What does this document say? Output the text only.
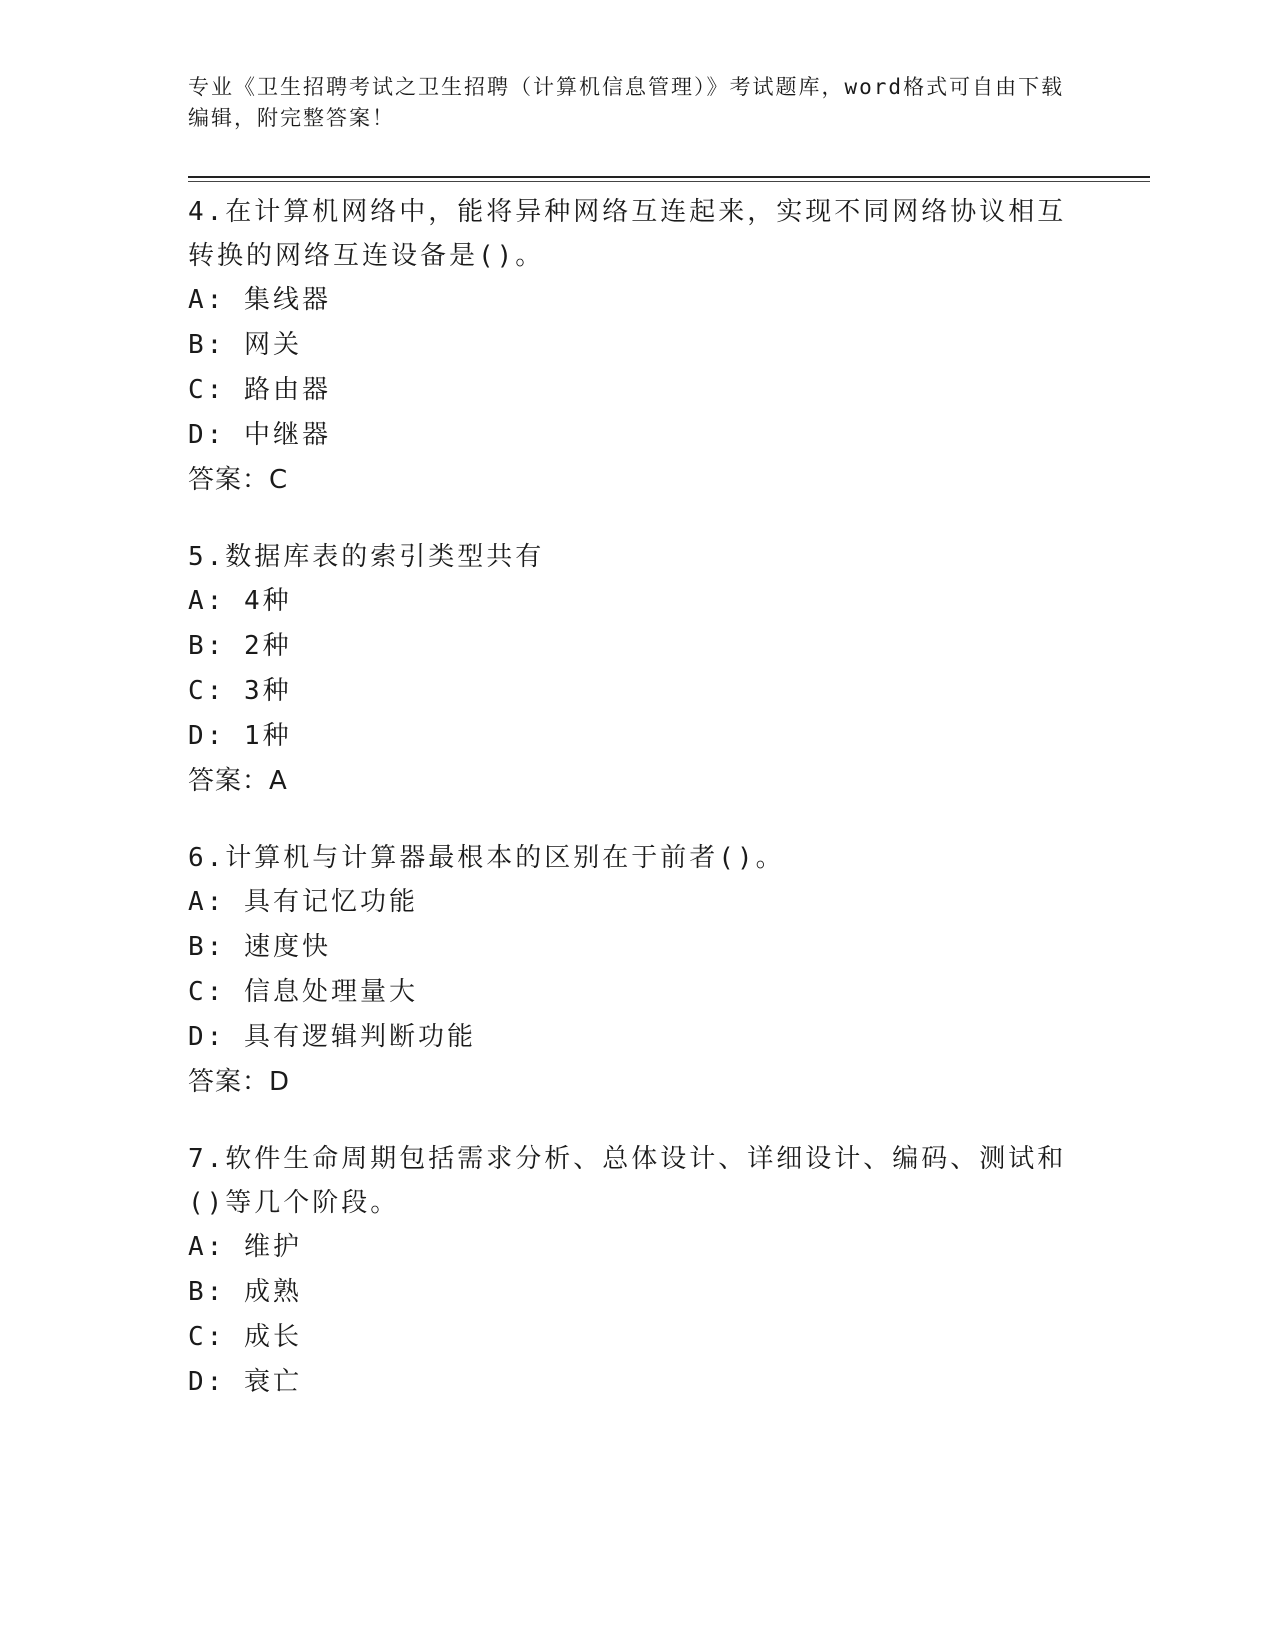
专业《卫生招聘考试之卫生招聘（计算机信息管理）》考试题库，word格式可自由下载编辑，附完整答案！
4.在计算机网络中，能将异种网络互连起来，实现不同网络协议相互转换的网络互连设备是()。
A: 集线器
B: 网关
C: 路由器
D: 中继器
答案：C
5.数据库表的索引类型共有
A: 4种
B: 2种
C: 3种
D: 1种
答案：A
6.计算机与计算器最根本的区别在于前者()。
A: 具有记忆功能
B: 速度快
C: 信息处理量大
D: 具有逻辑判断功能
答案：D
7.软件生命周期包括需求分析、总体设计、详细设计、编码、测试和()等几个阶段。
A: 维护
B: 成熟
C: 成长
D: 衰亡
